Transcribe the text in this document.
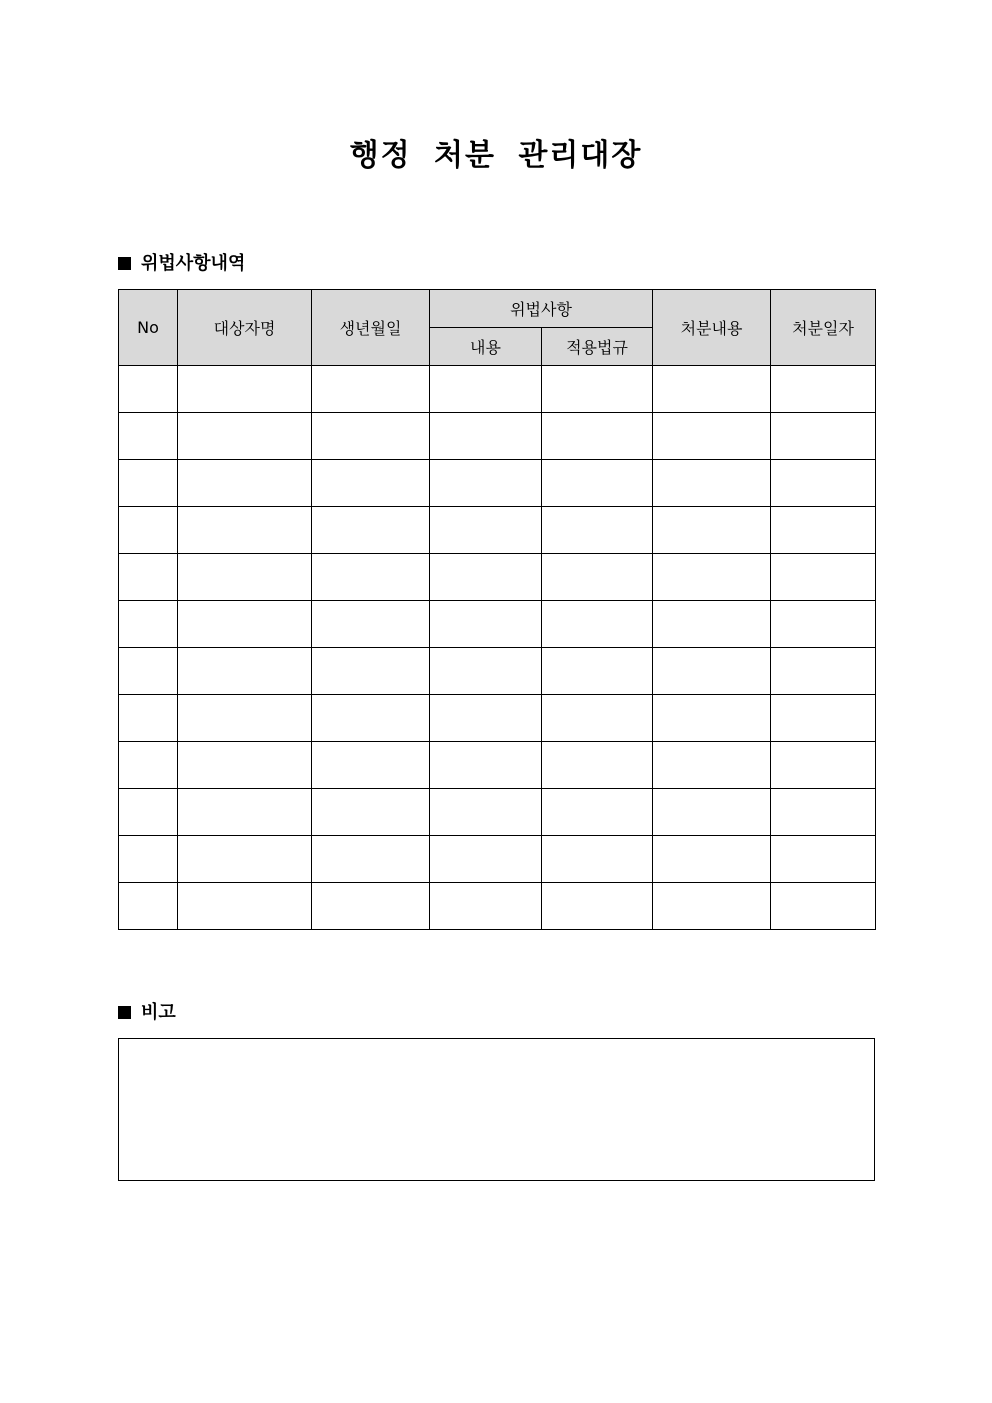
행정 처분 관리대장
위법사항내역
No	대상자명	생년월일	위법사항		처분내용	처분일자
			내용	적용법규		

비고
